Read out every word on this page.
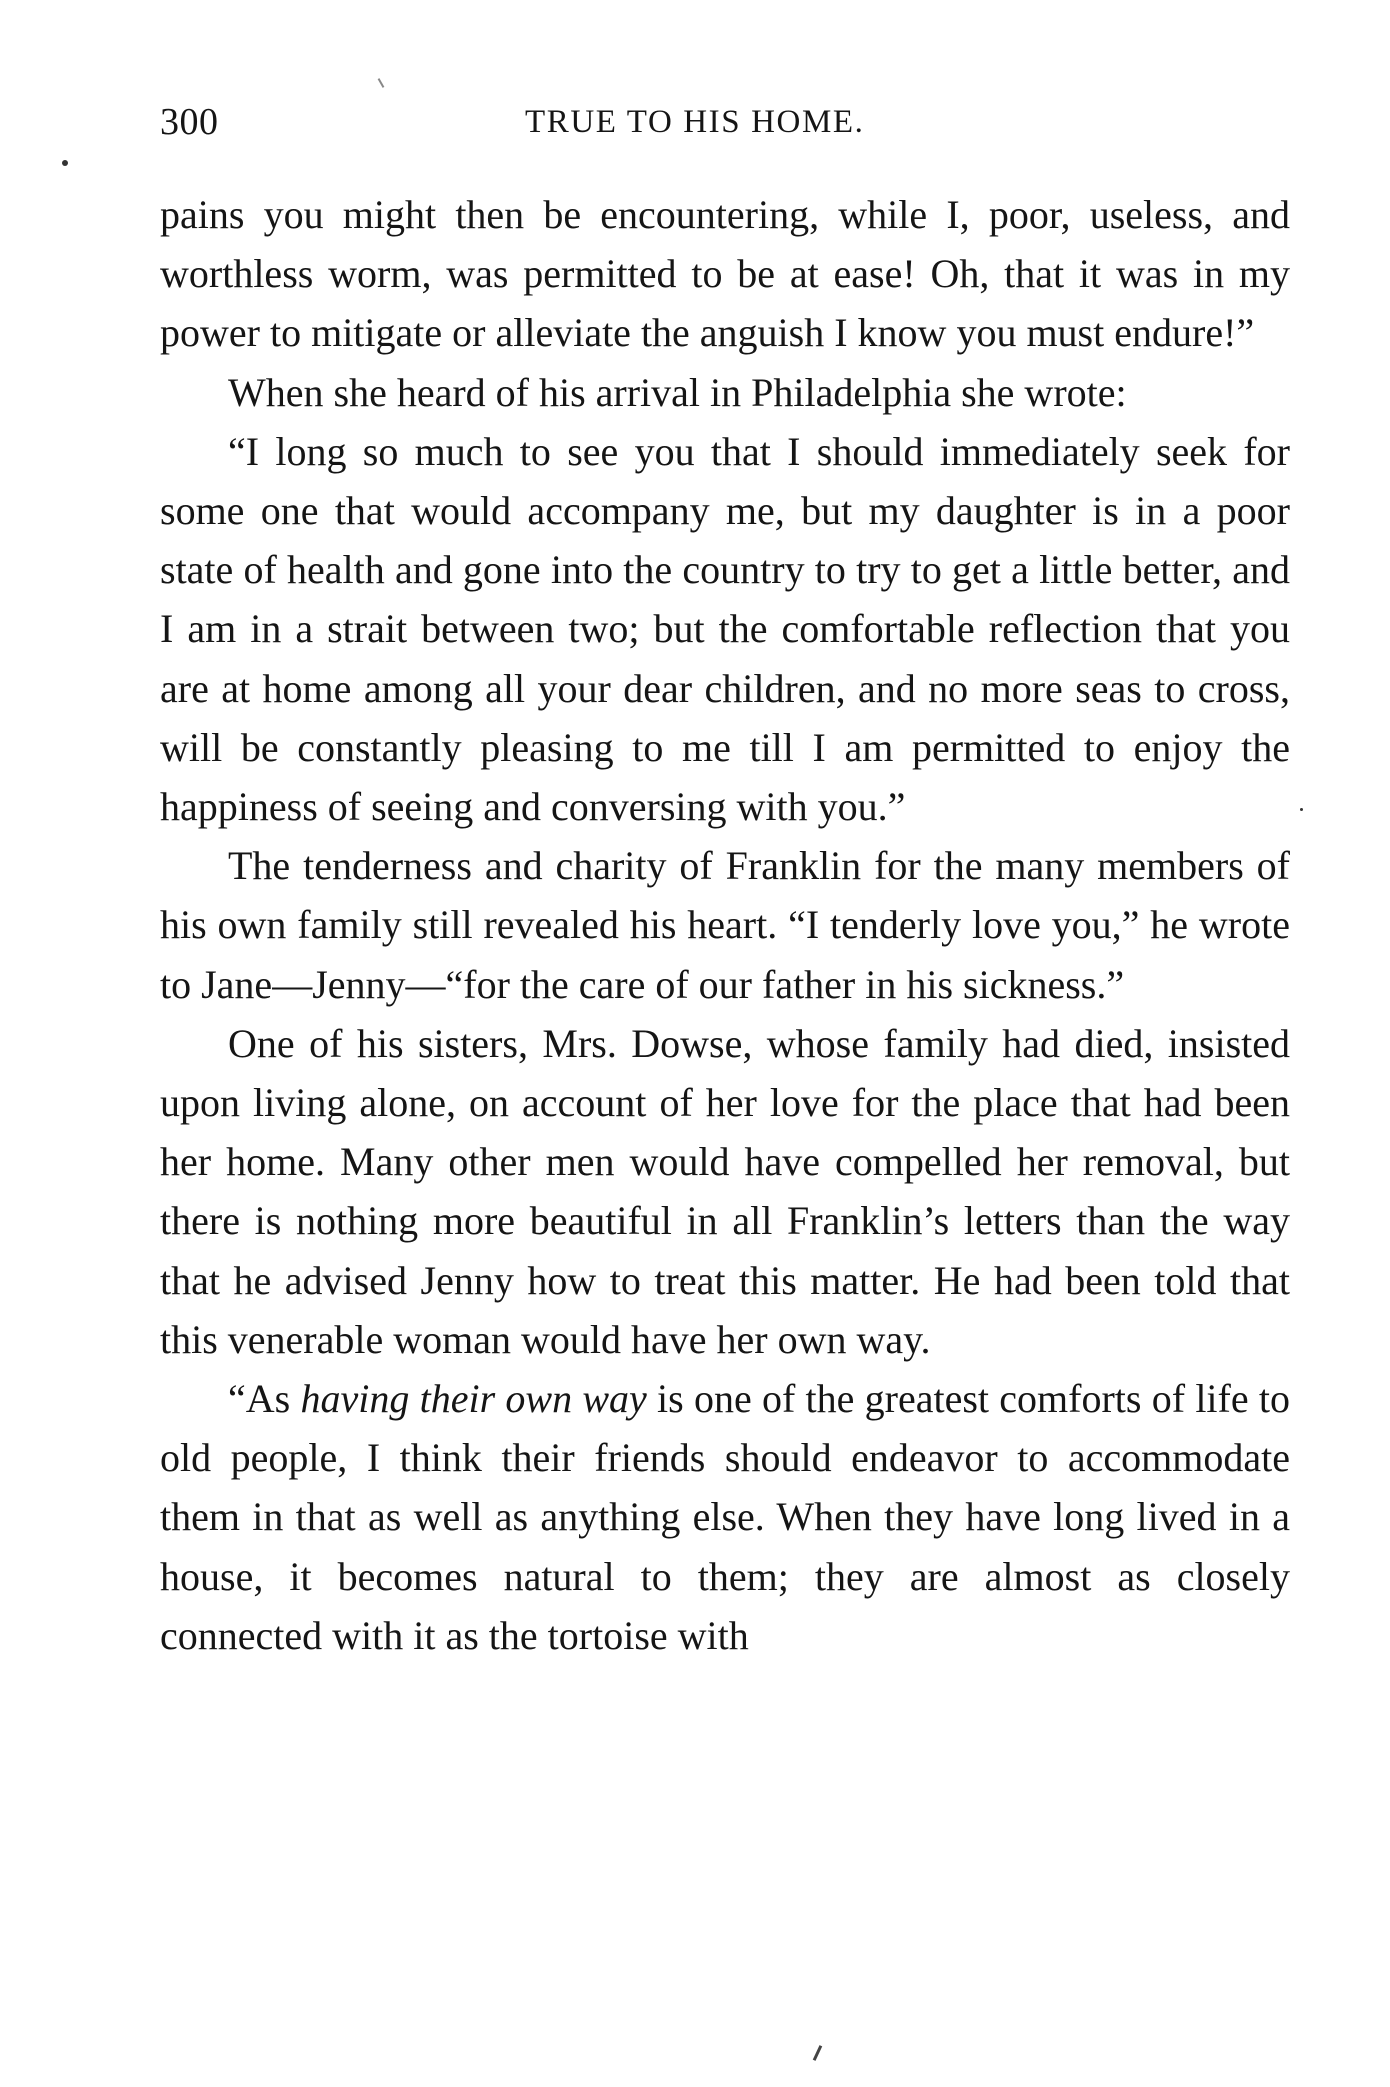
300	TRUE TO HIS HOME.

pains you might then be encountering, while I, poor, useless, and worthless worm, was permitted to be at ease! Oh, that it was in my power to mitigate or alleviate the anguish I know you must endure!”

When she heard of his arrival in Philadelphia she wrote:

“I long so much to see you that I should immediately seek for some one that would accompany me, but my daughter is in a poor state of health and gone into the country to try to get a little better, and I am in a strait between two; but the comfortable reflection that you are at home among all your dear children, and no more seas to cross, will be constantly pleasing to me till I am permitted to enjoy the happiness of seeing and conversing with you.”

The tenderness and charity of Franklin for the many members of his own family still revealed his heart. “I tenderly love you,” he wrote to Jane—Jenny—“for the care of our father in his sickness.”

One of his sisters, Mrs. Dowse, whose family had died, insisted upon living alone, on account of her love for the place that had been her home. Many other men would have compelled her removal, but there is nothing more beautiful in all Franklin’s letters than the way that he advised Jenny how to treat this matter. He had been told that this venerable woman would have her own way.

“As having their own way is one of the greatest comforts of life to old people, I think their friends should endeavor to accommodate them in that as well as anything else. When they have long lived in a house, it becomes natural to them; they are almost as closely connected with it as the tortoise with
